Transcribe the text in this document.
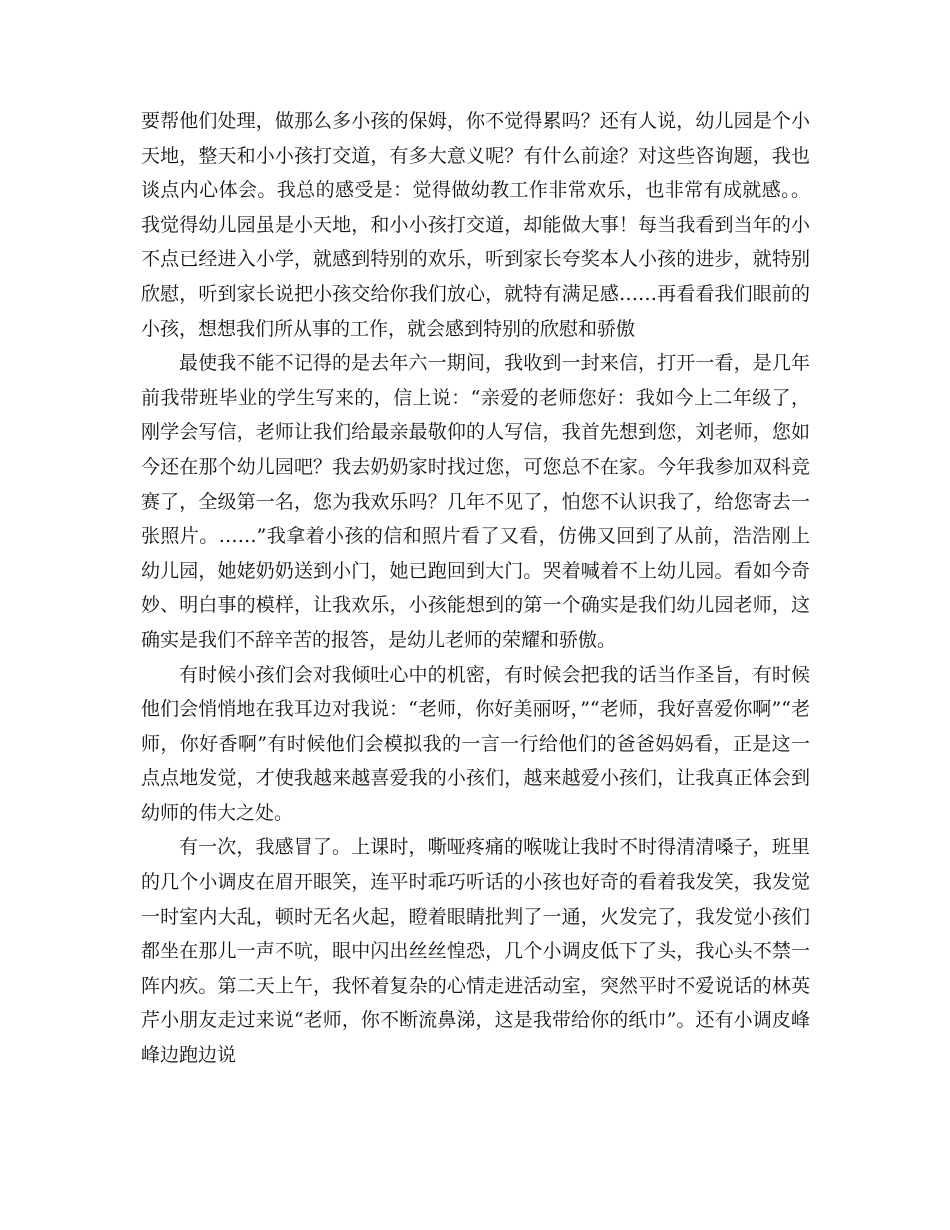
要帮他们处理，做那么多小孩的保姆，你不觉得累吗？还有人说，幼儿园是个小天地，整天和小小孩打交道，有多大意义呢？有什么前途？对这些咨询题，我也谈点内心体会。我总的感受是：觉得做幼教工作非常欢乐，也非常有成就感。。我觉得幼儿园虽是小天地，和小小孩打交道，却能做大事！每当我看到当年的小不点已经进入小学，就感到特别的欢乐，听到家长夸奖本人小孩的进步，就特别欣慰，听到家长说把小孩交给你我们放心，就特有满足感……再看看我们眼前的小孩，想想我们所从事的工作，就会感到特别的欣慰和骄傲

最使我不能不记得的是去年六一期间，我收到一封来信，打开一看，是几年前我带班毕业的学生写来的，信上说：“亲爱的老师您好：我如今上二年级了，刚学会写信，老师让我们给最亲最敬仰的人写信，我首先想到您，刘老师，您如今还在那个幼儿园吧？我去奶奶家时找过您，可您总不在家。今年我参加双科竞赛了，全级第一名，您为我欢乐吗？几年不见了，怕您不认识我了，给您寄去一张照片。……”我拿着小孩的信和照片看了又看，仿佛又回到了从前，浩浩刚上幼儿园，她姥奶奶送到小门，她已跑回到大门。哭着喊着不上幼儿园。看如今奇妙、明白事的模样，让我欢乐，小孩能想到的第一个确实是我们幼儿园老师，这确实是我们不辞辛苦的报答，是幼儿老师的荣耀和骄傲。

有时候小孩们会对我倾吐心中的机密，有时候会把我的话当作圣旨，有时候他们会悄悄地在我耳边对我说：“老师，你好美丽呀，”“老师，我好喜爱你啊”“老师，你好香啊”有时候他们会模拟我的一言一行给他们的爸爸妈妈看，正是这一点点地发觉，才使我越来越喜爱我的小孩们，越来越爱小孩们，让我真正体会到幼师的伟大之处。

有一次，我感冒了。上课时，嘶哑疼痛的喉咙让我时不时得清清嗓子，班里的几个小调皮在眉开眼笑，连平时乖巧听话的小孩也好奇的看着我发笑，我发觉一时室内大乱，顿时无名火起，瞪着眼睛批判了一通，火发完了，我发觉小孩们都坐在那儿一声不吭，眼中闪出丝丝惶恐，几个小调皮低下了头，我心头不禁一阵内疚。第二天上午，我怀着复杂的心情走进活动室，突然平时不爱说话的林英芹小朋友走过来说“老师，你不断流鼻涕，这是我带给你的纸巾”。还有小调皮峰峰边跑边说
